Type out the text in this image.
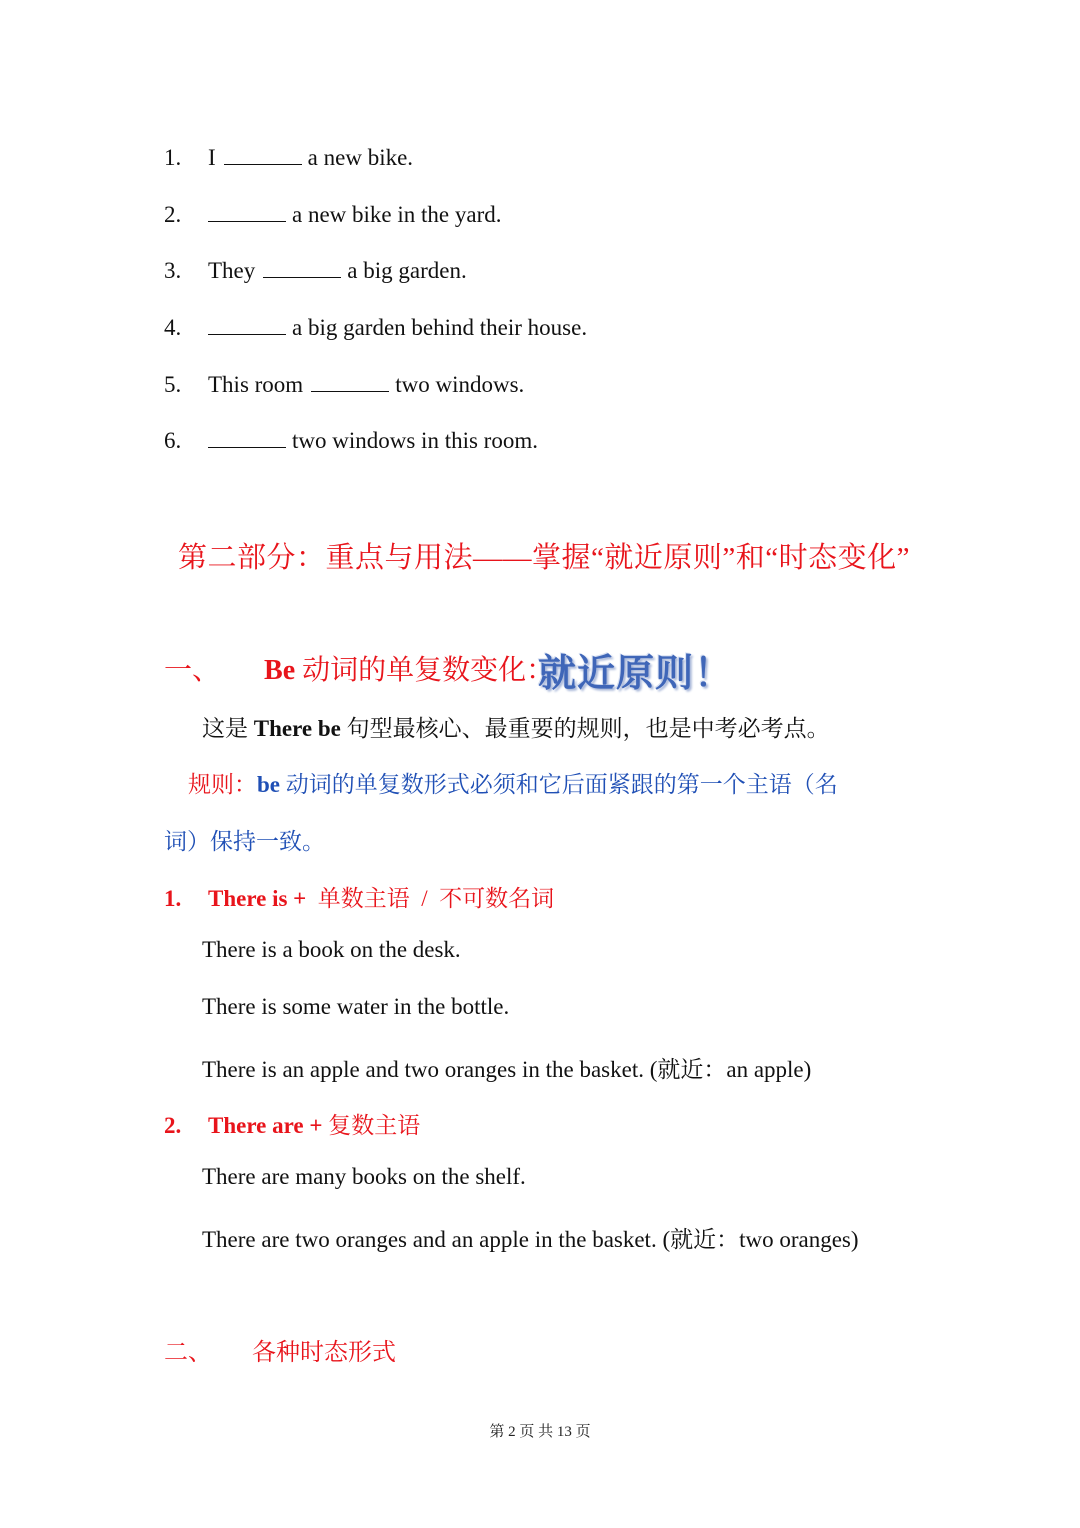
1. I	a new bike.
2.	a new bike in the yard.
3. They	a big garden.
4.	a big garden behind their house.
5. This room	two windows.
6.	two windows in this room.
第二部分：重点与用法——掌握“就近原则”和“时态变化”
一、 Be 动词的单复数变化：
就近原则！
这是 There be 句型最核心、最重要的规则，也是中考必考点。
规则：be 动词的单复数形式必须和它后面紧跟的第一个主语（名
词）保持一致。
1. There is +  单数主语  /  不可数名词
There is a book on the desk.
There is some water in the bottle.
There is an apple and two oranges in the basket. (就近：an apple)
2. There are + 复数主语
There are many books on the shelf.
There are two oranges and an apple in the basket. (就近：two oranges)
二、 各种时态形式
第 2 页 共 13 页
